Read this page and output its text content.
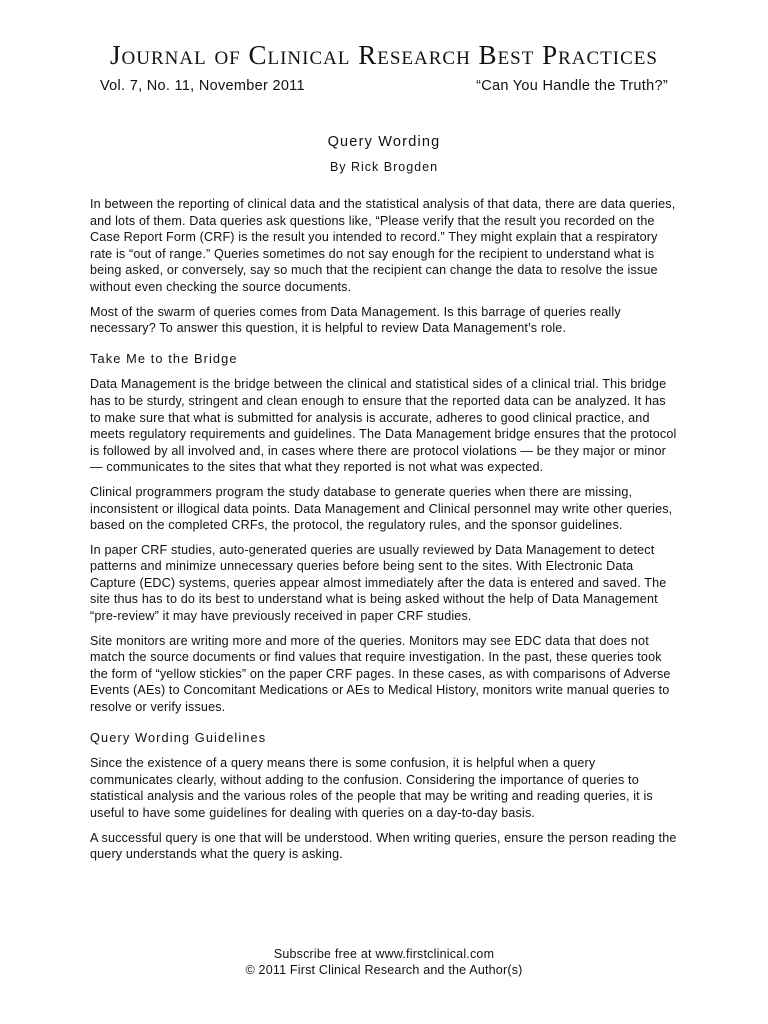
Journal of Clinical Research Best Practices
Vol. 7, No. 11, November 2011	“Can You Handle the Truth?”
Query Wording
By Rick Brogden

In between the reporting of clinical data and the statistical analysis of that data, there are data queries, and lots of them. Data queries ask questions like, “Please verify that the result you recorded on the Case Report Form (CRF) is the result you intended to record.” They might explain that a respiratory rate is “out of range.” Queries sometimes do not say enough for the recipient to understand what is being asked, or conversely, say so much that the recipient can change the data to resolve the issue without even checking the source documents.

Most of the swarm of queries comes from Data Management. Is this barrage of queries really necessary? To answer this question, it is helpful to review Data Management’s role.

Take Me to the Bridge

Data Management is the bridge between the clinical and statistical sides of a clinical trial. This bridge has to be sturdy, stringent and clean enough to ensure that the reported data can be analyzed. It has to make sure that what is submitted for analysis is accurate, adheres to good clinical practice, and meets regulatory requirements and guidelines. The Data Management bridge ensures that the protocol is followed by all involved and, in cases where there are protocol violations — be they major or minor — communicates to the sites that what they reported is not what was expected.

Clinical programmers program the study database to generate queries when there are missing, inconsistent or illogical data points. Data Management and Clinical personnel may write other queries, based on the completed CRFs, the protocol, the regulatory rules, and the sponsor guidelines.

In paper CRF studies, auto-generated queries are usually reviewed by Data Management to detect patterns and minimize unnecessary queries before being sent to the sites. With Electronic Data Capture (EDC) systems, queries appear almost immediately after the data is entered and saved. The site thus has to do its best to understand what is being asked without the help of Data Management “pre-review” it may have previously received in paper CRF studies.

Site monitors are writing more and more of the queries. Monitors may see EDC data that does not match the source documents or find values that require investigation. In the past, these queries took the form of “yellow stickies” on the paper CRF pages. In these cases, as with comparisons of Adverse Events (AEs) to Concomitant Medications or AEs to Medical History, monitors write manual queries to resolve or verify issues.

Query Wording Guidelines

Since the existence of a query means there is some confusion, it is helpful when a query communicates clearly, without adding to the confusion. Considering the importance of queries to statistical analysis and the various roles of the people that may be writing and reading queries, it is useful to have some guidelines for dealing with queries on a day-to-day basis.

A successful query is one that will be understood. When writing queries, ensure the person reading the query understands what the query is asking.

Subscribe free at www.firstclinical.com
© 2011 First Clinical Research and the Author(s)
